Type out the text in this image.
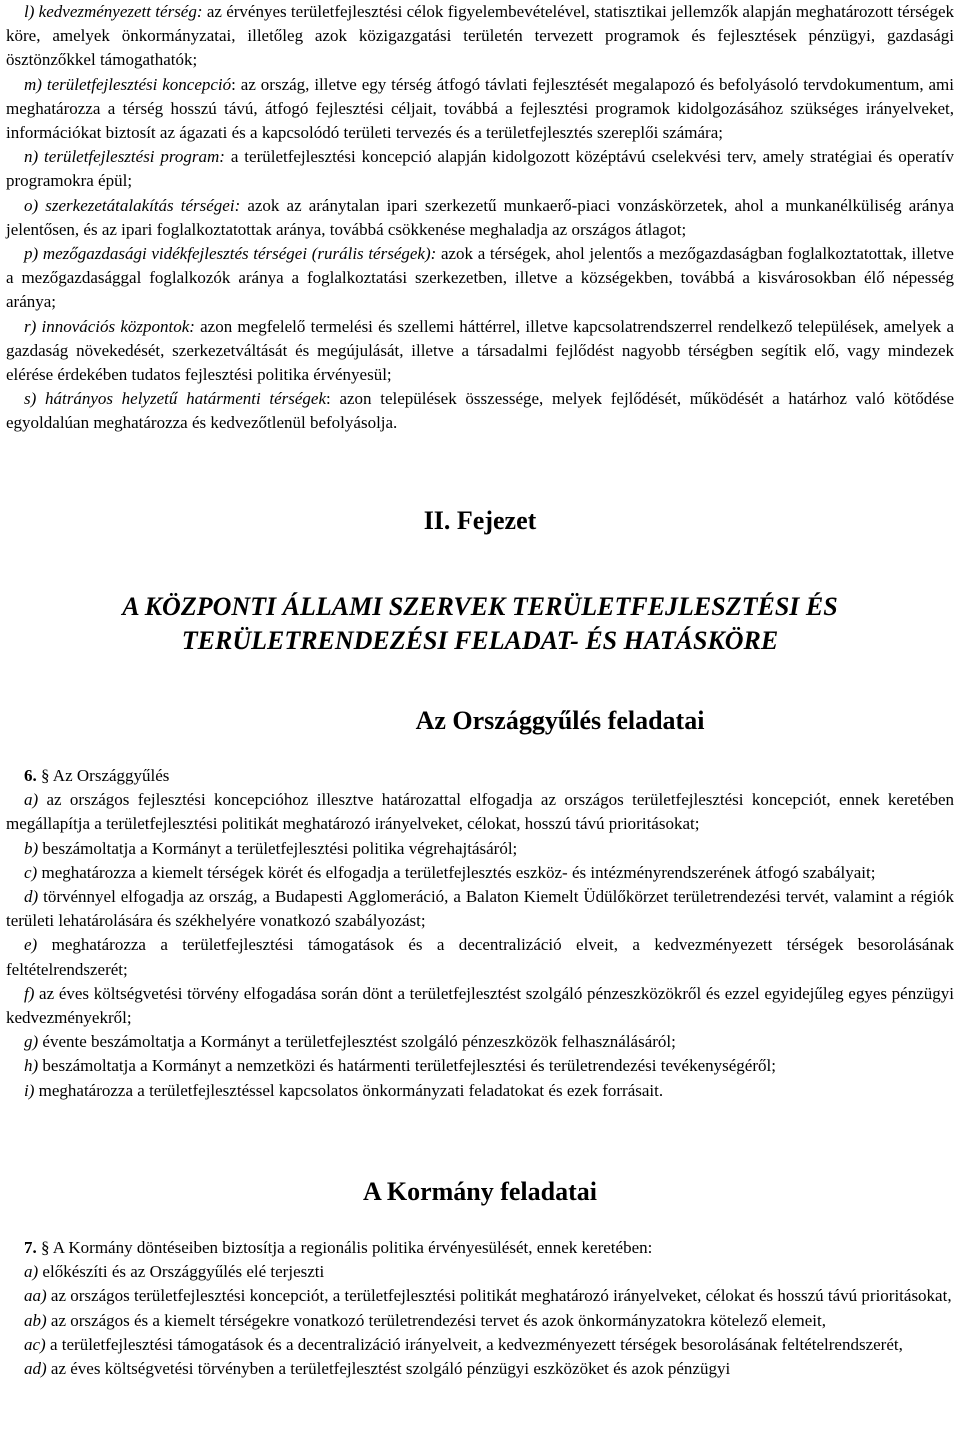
l) kedvezményezett térség: az érvényes területfejlesztési célok figyelembevételével, statisztikai jellemzők alapján meghatározott térségek köre, amelyek önkormányzatai, illetőleg azok közigazgatási területén tervezett programok és fejlesztések pénzügyi, gazdasági ösztönzőkkel támogathatók;

m) területfejlesztési koncepció: az ország, illetve egy térség átfogó távlati fejlesztését megalapozó és befolyásoló tervdokumentum, ami meghatározza a térség hosszú távú, átfogó fejlesztési céljait, továbbá a fejlesztési programok kidolgozásához szükséges irányelveket, információkat biztosít az ágazati és a kapcsolódó területi tervezés és a területfejlesztés szereplői számára;

n) területfejlesztési program: a területfejlesztési koncepció alapján kidolgozott középtávú cselekvési terv, amely stratégiai és operatív programokra épül;

o) szerkezetátalakítás térségei: azok az aránytalan ipari szerkezetű munkaerő-piaci vonzáskörzetek, ahol a munkanélküliség aránya jelentősen, és az ipari foglalkoztatottak aránya, továbbá csökkenése meghaladja az országos átlagot;

p) mezőgazdasági vidékfejlesztés térségei (rurális térségek): azok a térségek, ahol jelentős a mezőgazdaságban foglalkoztatottak, illetve a mezőgazdasággal foglalkozók aránya a foglalkoztatási szerkezetben, illetve a községekben, továbbá a kisvárosokban élő népesség aránya;

r) innovációs központok: azon megfelelő termelési és szellemi háttérrel, illetve kapcsolatrendszerrel rendelkező települések, amelyek a gazdaság növekedését, szerkezetváltását és megújulását, illetve a társadalmi fejlődést nagyobb térségben segítik elő, vagy mindezek elérése érdekében tudatos fejlesztési politika érvényesül;

s) hátrányos helyzetű határmenti térségek: azon települések összessége, melyek fejlődését, működését a határhoz való kötődése egyoldalúan meghatározza és kedvezőtlenül befolyásolja.

II. Fejezet
A KÖZPONTI ÁLLAMI SZERVEK TERÜLETFEJLESZTÉSI ÉS TERÜLETRENDEZÉSI FELADAT- ÉS HATÁSKÖRE
Az Országgyűlés feladatai

6. § Az Országgyűlés

a) az országos fejlesztési koncepcióhoz illesztve határozattal elfogadja az országos területfejlesztési koncepciót, ennek keretében megállapítja a területfejlesztési politikát meghatározó irányelveket, célokat, hosszú távú prioritásokat;

b) beszámoltatja a Kormányt a területfejlesztési politika végrehajtásáról;

c) meghatározza a kiemelt térségek körét és elfogadja a területfejlesztés eszköz- és intézményrendszerének átfogó szabályait;

d) törvénnyel elfogadja az ország, a Budapesti Agglomeráció, a Balaton Kiemelt Üdülőkörzet területrendezési tervét, valamint a régiók területi lehatárolására és székhelyére vonatkozó szabályozást;

e) meghatározza a területfejlesztési támogatások és a decentralizáció elveit, a kedvezményezett térségek besorolásának feltételrendszerét;

f) az éves költségvetési törvény elfogadása során dönt a területfejlesztést szolgáló pénzeszközökről és ezzel egyidejűleg egyes pénzügyi kedvezményekről;

g) évente beszámoltatja a Kormányt a területfejlesztést szolgáló pénzeszközök felhasználásáról;

h) beszámoltatja a Kormányt a nemzetközi és határmenti területfejlesztési és területrendezési tevékenységéről;

i) meghatározza a területfejlesztéssel kapcsolatos önkormányzati feladatokat és ezek forrásait.

A Kormány feladatai

7. § A Kormány döntéseiben biztosítja a regionális politika érvényesülését, ennek keretében:

a) előkészíti és az Országgyűlés elé terjeszti

aa) az országos területfejlesztési koncepciót, a területfejlesztési politikát meghatározó irányelveket, célokat és hosszú távú prioritásokat,

ab) az országos és a kiemelt térségekre vonatkozó területrendezési tervet és azok önkormányzatokra kötelező elemeit,

ac) a területfejlesztési támogatások és a decentralizáció irányelveit, a kedvezményezett térségek besorolásának feltételrendszerét,

ad) az éves költségvetési törvényben a területfejlesztést szolgáló pénzügyi eszközöket és azok pénzügyi
